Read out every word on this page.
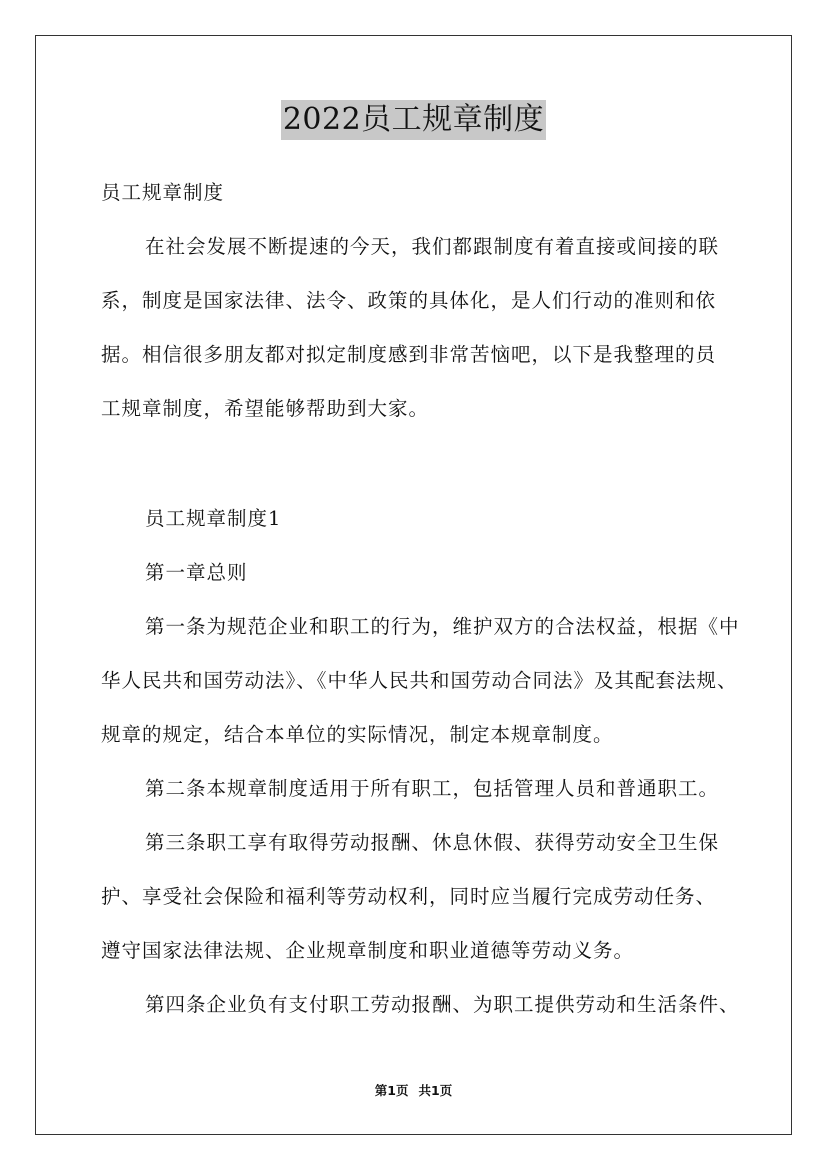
2022员工规章制度
员工规章制度
在社会发展不断提速的今天，我们都跟制度有着直接或间接的联
系，制度是国家法律、法令、政策的具体化，是人们行动的准则和依
据。相信很多朋友都对拟定制度感到非常苦恼吧，以下是我整理的员
工规章制度，希望能够帮助到大家。
员工规章制度1
第一章总则
第一条为规范企业和职工的行为，维护双方的合法权益，根据《中
华人民共和国劳动法》、《中华人民共和国劳动合同法》及其配套法规、
规章的规定，结合本单位的实际情况，制定本规章制度。
第二条本规章制度适用于所有职工，包括管理人员和普通职工。
第三条职工享有取得劳动报酬、休息休假、获得劳动安全卫生保
护、享受社会保险和福利等劳动权利，同时应当履行完成劳动任务、
遵守国家法律法规、企业规章制度和职业道德等劳动义务。
第四条企业负有支付职工劳动报酬、为职工提供劳动和生活条件、
第1页 共1页
